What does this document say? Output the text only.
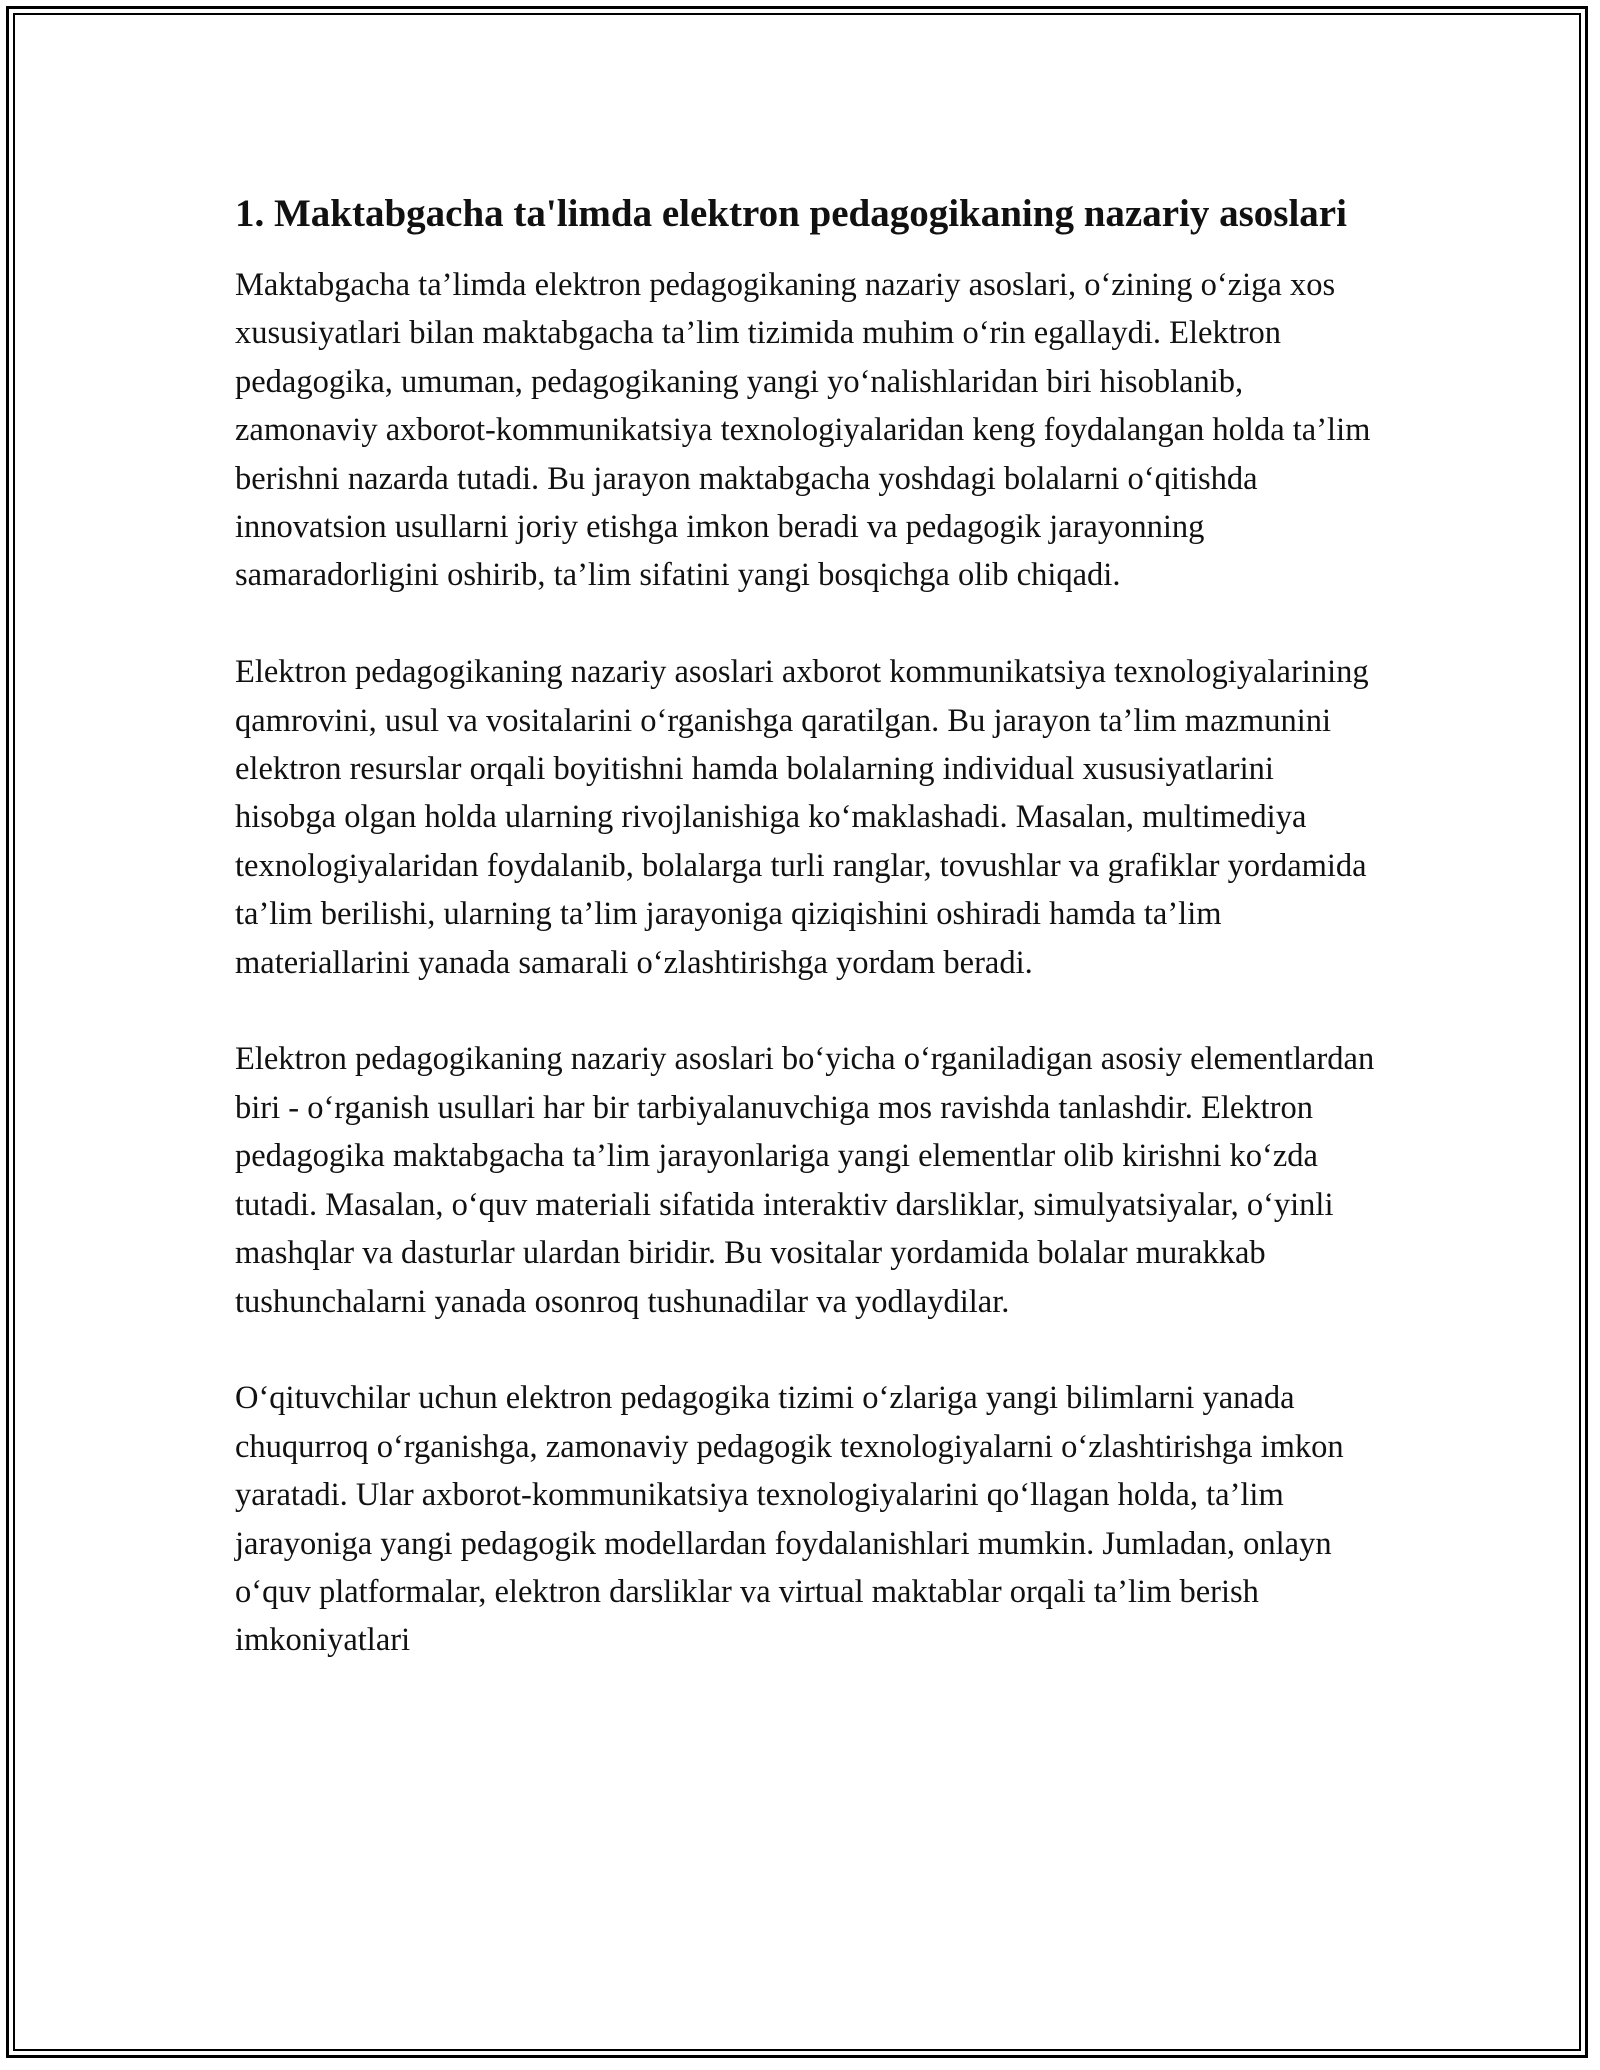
1. Maktabgacha ta'limda elektron pedagogikaning nazariy asoslari

Maktabgacha ta’limda elektron pedagogikaning nazariy asoslari, o‘zining o‘ziga xos xususiyatlari bilan maktabgacha ta’lim tizimida muhim o‘rin egallaydi. Elektron pedagogika, umuman, pedagogikaning yangi yo‘nalishlaridan biri hisoblanib, zamonaviy axborot-kommunikatsiya texnologiyalaridan keng foydalangan holda ta’lim berishni nazarda tutadi. Bu jarayon maktabgacha yoshdagi bolalarni o‘qitishda innovatsion usullarni joriy etishga imkon beradi va pedagogik jarayonning samaradorligini oshirib, ta’lim sifatini yangi bosqichga olib chiqadi.

Elektron pedagogikaning nazariy asoslari axborot kommunikatsiya texnologiyalarining qamrovini, usul va vositalarini o‘rganishga qaratilgan. Bu jarayon ta’lim mazmunini elektron resurslar orqali boyitishni hamda bolalarning individual xususiyatlarini hisobga olgan holda ularning rivojlanishiga ko‘maklashadi. Masalan, multimediya texnologiyalaridan foydalanib, bolalarga turli ranglar, tovushlar va grafiklar yordamida ta’lim berilishi, ularning ta’lim jarayoniga qiziqishini oshiradi hamda ta’lim materiallarini yanada samarali o‘zlashtirishga yordam beradi.

Elektron pedagogikaning nazariy asoslari bo‘yicha o‘rganiladigan asosiy elementlardan biri - o‘rganish usullari har bir tarbiyalanuvchiga mos ravishda tanlashdir. Elektron pedagogika maktabgacha ta’lim jarayonlariga yangi elementlar olib kirishni ko‘zda tutadi. Masalan, o‘quv materiali sifatida interaktiv darsliklar, simulyatsiyalar, o‘yinli mashqlar va dasturlar ulardan biridir. Bu vositalar yordamida bolalar murakkab tushunchalarni yanada osonroq tushunadilar va yodlaydilar.

O‘qituvchilar uchun elektron pedagogika tizimi o‘zlariga yangi bilimlarni yanada chuqurroq o‘rganishga, zamonaviy pedagogik texnologiyalarni o‘zlashtirishga imkon yaratadi. Ular axborot-kommunikatsiya texnologiyalarini qo‘llagan holda, ta’lim jarayoniga yangi pedagogik modellardan foydalanishlari mumkin. Jumladan, onlayn o‘quv platformalar, elektron darsliklar va virtual maktablar orqali ta’lim berish imkoniyatlari
